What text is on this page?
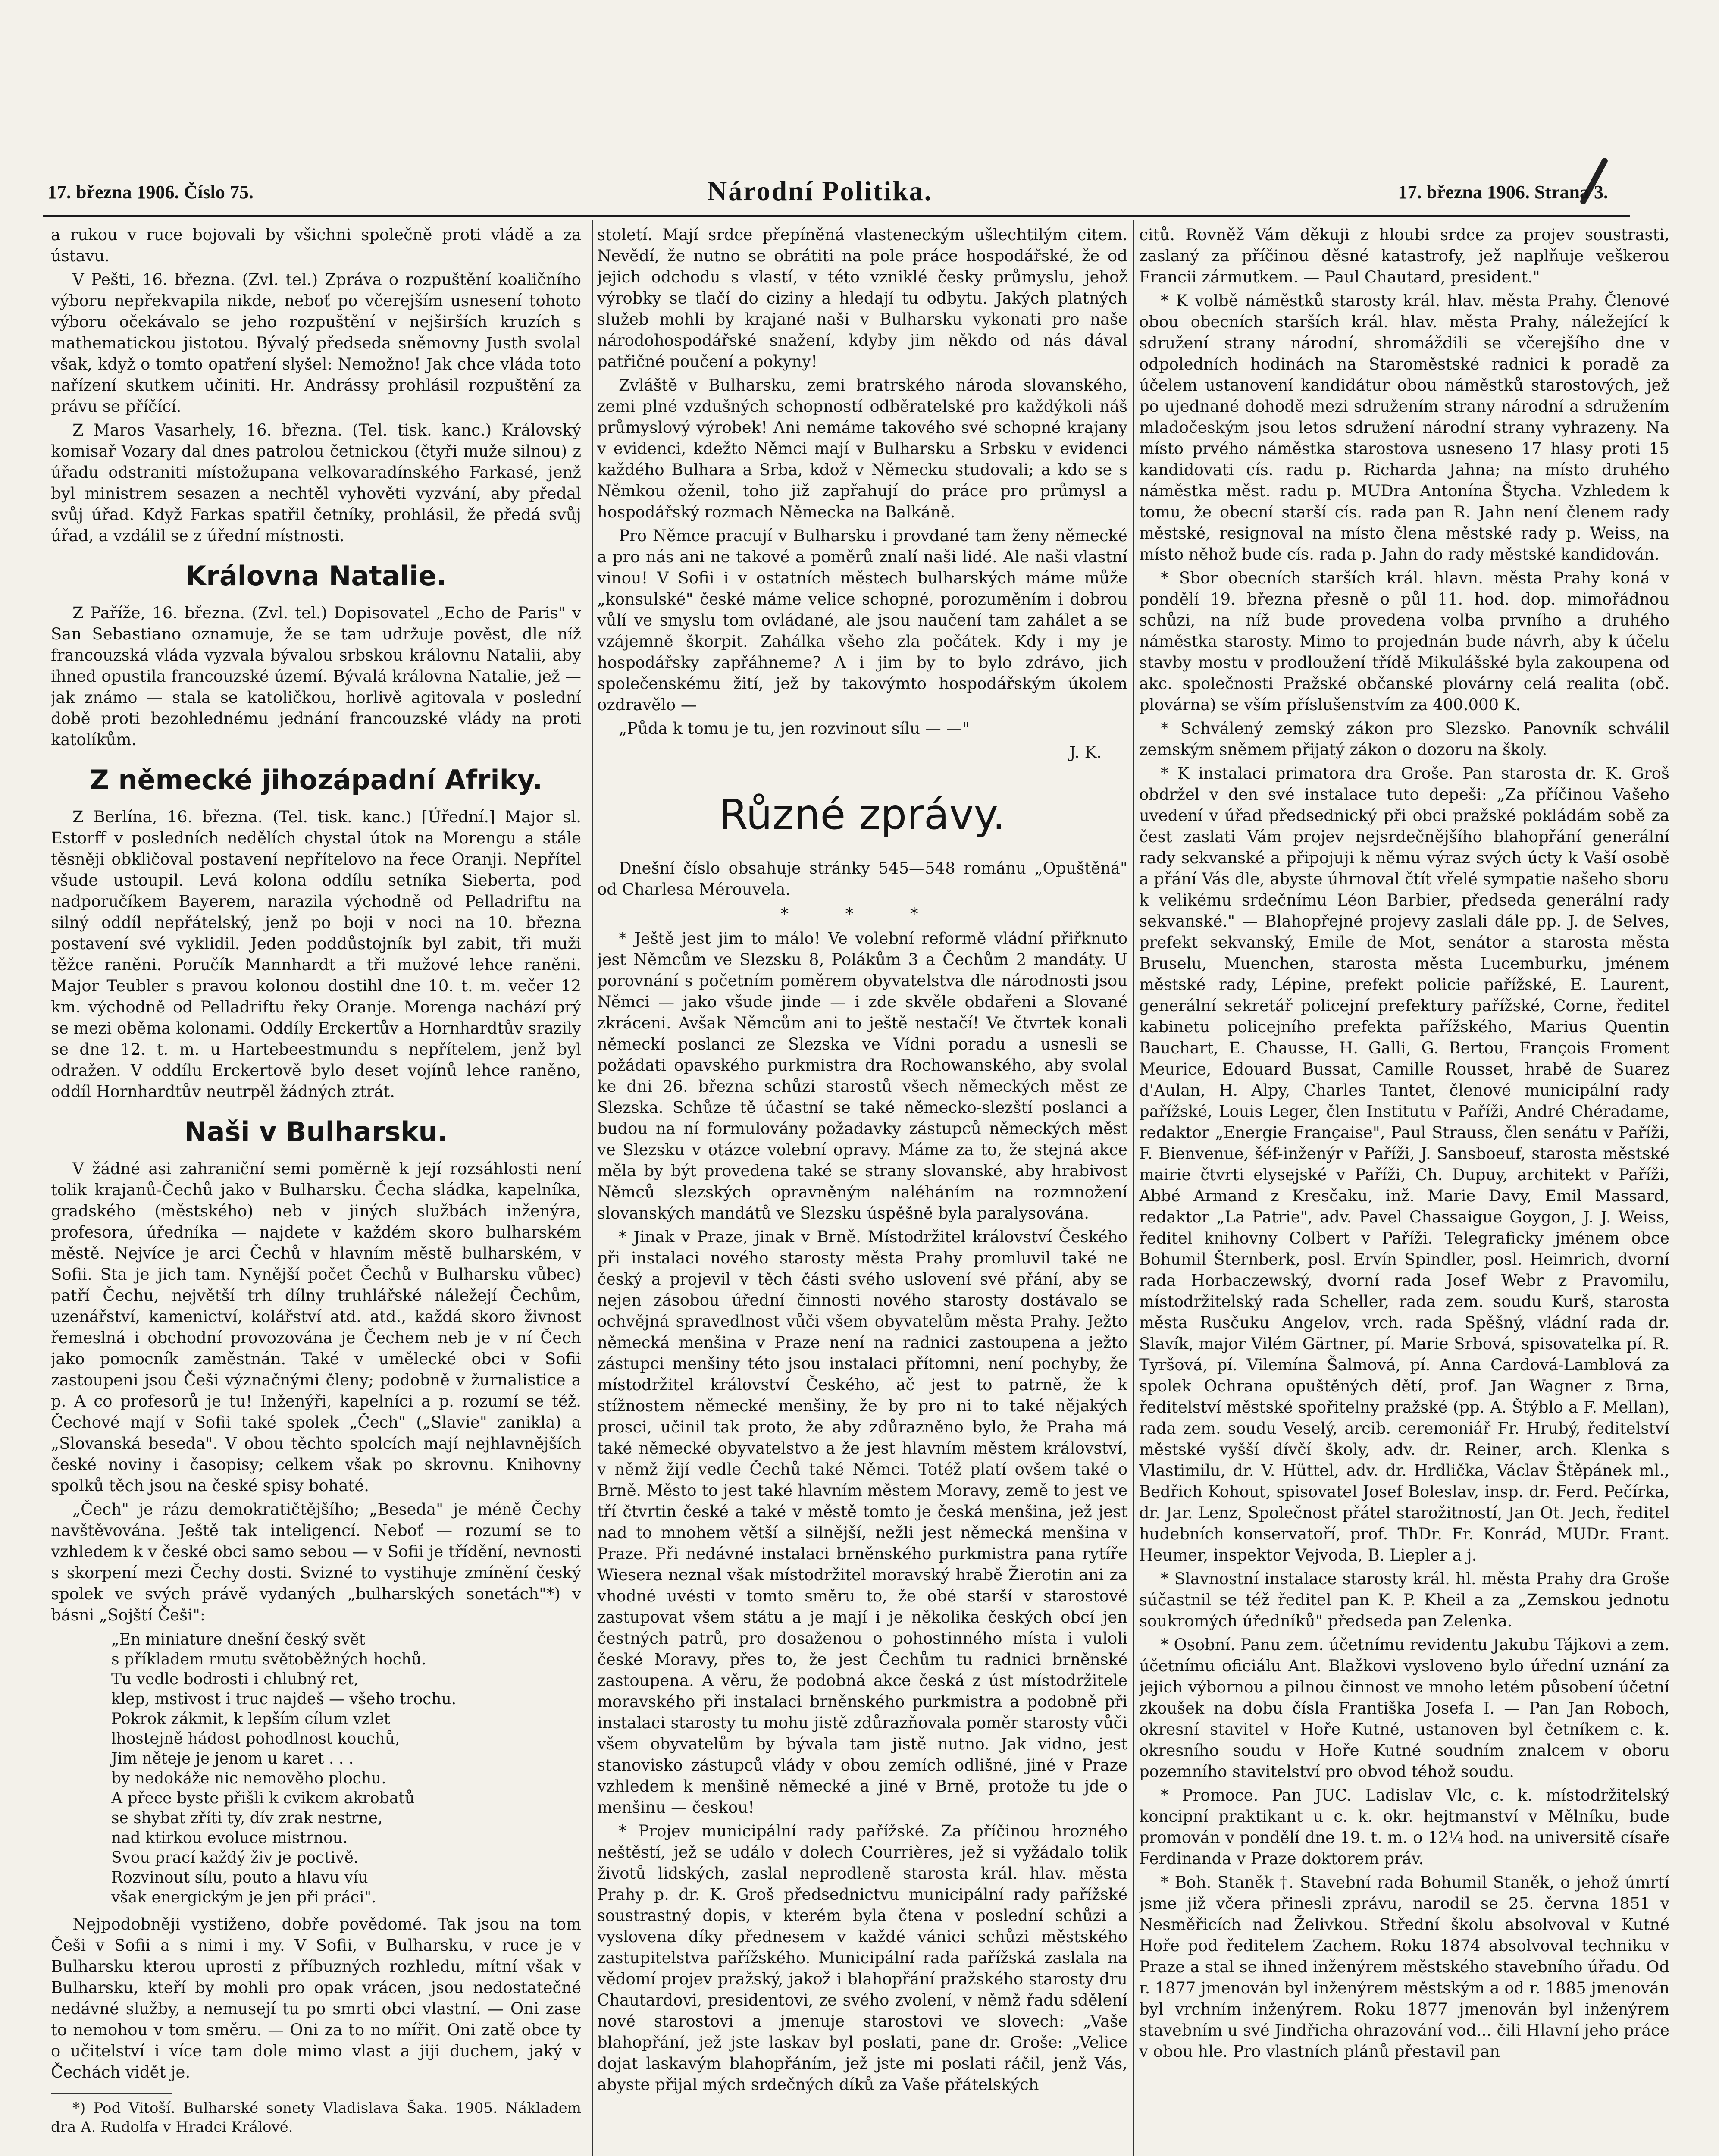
17. března 1906. Číslo 75.	Národní Politika.	17. března 1906. Strana 3.

a rukou v ruce bojovali by všichni společně proti vládě a za ústavu.

V Pešti, 16. března. (Zvl. tel.) Zpráva o rozpuštění koaličního výboru nepřekvapila nikde, neboť po včerejším usnesení tohoto výboru očekávalo se jeho rozpuštění v nejširších kruzích s mathematickou jistotou. Bývalý předseda sněmovny Justh svolal však, když o tomto opatření slyšel: Nemožno! Jak chce vláda toto nařízení skutkem učiniti. Hr. Andrássy prohlásil rozpuštění za právu se příčící.

Z Maros Vasarhely, 16. března. (Tel. tisk. kanc.) Královský komisař Vozary dal dnes patrolou četnickou (čtyři muže silnou) z úřadu odstraniti místožupana velkovaradínského Farkasé, jenž byl ministrem sesazen a nechtěl vyhověti vyzvání, aby předal svůj úřad. Když Farkas spatřil četníky, prohlásil, že předá svůj úřad, a vzdálil se z úřední místnosti.

Královna Natalie.

Z Paříže, 16. března. (Zvl. tel.) Dopisovatel „Echo de Paris" v San Sebastiano oznamuje, že se tam udržuje pověst, dle níž francouzská vláda vyzvala bývalou srbskou královnu Natalii, aby ihned opustila francouzské území. Bývalá královna Natalie, jež — jak známo — stala se katoličkou, horlivě agitovala v poslední době proti bezohlednému jednání francouzské vlády na proti katolíkům.

Z německé jihozápadní Afriky.

Z Berlína, 16. března. (Tel. tisk. kanc.) [Úřední.] Major sl. Estorff v posledních nedělích chystal útok na Morengu a stále těsněji obkličoval postavení nepřítelovo na řece Oranji. Nepřítel všude ustoupil. Levá kolona oddílu setníka Sieberta, pod nadporučíkem Bayerem, narazila východně od Pelladriftu na silný oddíl nepřátelský, jenž po boji v noci na 10. března postavení své vyklidil. Jeden poddůstojník byl zabit, tři muži těžce raněni. Poručík Mannhardt a tři mužové lehce raněni. Major Teubler s pravou kolonou dostihl dne 10. t. m. večer 12 km. východně od Pelladriftu řeky Oranje. Morenga nachází prý se mezi oběma kolonami. Oddíly Erckertův a Hornhardtův srazily se dne 12. t. m. u Hartebeestmundu s nepřítelem, jenž byl odražen. V oddílu Erckertově bylo deset vojínů lehce raněno, oddíl Hornhardtův neutrpěl žádných ztrát.

Naši v Bulharsku.

V žádné asi zahraniční semi poměrně k její rozsáhlosti není tolik krajanů-Čechů jako v Bulharsku. Čecha sládka, kapelníka, gradského (městského) neb v jiných službách inženýra, profesora, úředníka — najdete v každém skoro bulharském městě. Nejvíce je arci Čechů v hlavním městě bulharském, v Sofii. Sta je jich tam. Nynější počet Čechů v Bulharsku vůbec) patří Čechu, největší trh dílny truhlářské náležejí Čechům, uzenářství, kamenictví, kolářství atd. atd., každá skoro živnost řemeslná i obchodní provozována je Čechem neb je v ní Čech jako pomocník zaměstnán. Také v umělecké obci v Sofii zastoupeni jsou Češi význačnými členy; podobně v žurnalistice a p. A co profesorů je tu! Inženýři, kapelníci a p. rozumí se též. Čechové mají v Sofii také spolek „Čech" („Slavie" zanikla) a „Slovanská beseda". V obou těchto spolcích mají nejhlavnějších české noviny i časopisy; celkem však po skrovnu. Knihovny spolků těch jsou na české spisy bohaté.

„Čech" je rázu demokratičtějšího; „Beseda" je méně Čechy navštěvována. Ještě tak inteligencí. Neboť — rozumí se to vzhledem k v české obci samo sebou — v Sofii je třídění, nevnosti s skorpení mezi Čechy dosti. Svizné to vystihuje zmínění český spolek ve svých právě vydaných „bulharských sonetách"*) v básni „Sojští Češi":

„En miniature dnešní český svět
s příkladem rmutu světoběžných hochů.
Tu vedle bodrosti i chlubný ret,
klep, mstivost i truc najdeš — všeho trochu.
Pokrok zákmit, k lepším cílum vzlet
lhostejně hádost pohodlnost kouchů,
Jim něteje je jenom u karet . . .
by nedokáže nic nemověho plochu.
A přece byste přišli k cvikem akrobatů
se shybat zříti ty, dív zrak nestrne,
nad ktirkou evoluce mistrnou.
Svou prací každý živ je poctivě.
Rozvinout sílu, pouto a hlavu víu
však energickým je jen při práci".

Nejpodobněji vystiženo, dobře povědomé. Tak jsou na tom Češi v Sofii a s nimi i my. V Sofii, v Bulharsku, v ruce je v Bulharsku kterou uprosti z příbuzných rozhledu, mítní však v Bulharsku, kteří by mohli pro opak vrácen, jsou nedostatečné nedávné služby, a nemusejí tu po smrti obci vlastní. — Oni zase to nemohou v tom směru. — Oni za to no mířit. Oni zatě obce ty o učitelství i více tam dole mimo vlast a jiji duchem, jaký v Čechách vidět je.

*) Pod Vitoší. Bulharské sonety Vladislava Šaka. 1905. Nákladem dra A. Rudolfa v Hradci Králové.

století. Mají srdce přepíněná vlasteneckým ušlechtilým citem. Nevědí, že nutno se obrátiti na pole práce hospodářské, že od jejich odchodu s vlastí, v této vzniklé česky průmyslu, jehož výrobky se tlačí do ciziny a hledají tu odbytu. Jakých platných služeb mohli by krajané naši v Bulharsku vykonati pro naše národohospodářské snažení, kdyby jim někdo od nás dával patřičné poučení a pokyny!

Zvláště v Bulharsku, zemi bratrského národa slovanského, zemi plné vzdušných schopností odběratelské pro každýkoli náš průmyslový výrobek! Ani nemáme takového své schopné krajany v evidenci, kdežto Němci mají v Bulharsku a Srbsku v evidenci každého Bulhara a Srba, kdož v Německu studovali; a kdo se s Němkou oženil, toho již zapřahují do práce pro průmysl a hospodářský rozmach Německa na Balkáně.

Pro Němce pracují v Bulharsku i provdané tam ženy německé a pro nás ani ne takové a poměrů znalí naši lidé. Ale naši vlastní vinou! V Sofii i v ostatních městech bulharských máme může „konsulské" české máme velice schopné, porozuměním i dobrou vůlí ve smyslu tom ovládané, ale jsou naučení tam zahálet a se vzájemně škorpit. Zahálka všeho zla počátek. Kdy i my je hospodářsky zapřáhneme? A i jim by to bylo zdrávo, jich společenskému žití, jež by takovýmto hospodářským úkolem ozdravělo —

„Půda k tomu je tu, jen rozvinout sílu — —"

J. K.
Různé zprávy.

Dnešní číslo obsahuje stránky 545—548 románu „Opuštěná" od Charlesa Mérouvela.

* * *

* Ještě jest jim to málo! Ve volební reformě vládní přiřknuto jest Němcům ve Slezsku 8, Polákům 3 a Čechům 2 mandáty. U porovnání s početním poměrem obyvatelstva dle národnosti jsou Němci — jako všude jinde — i zde skvěle obdařeni a Slované zkráceni. Avšak Němcům ani to ještě nestačí! Ve čtvrtek konali německí poslanci ze Slezska ve Vídni poradu a usnesli se požádati opavského purkmistra dra Rochowanského, aby svolal ke dni 26. března schůzi starostů všech německých měst ze Slezska. Schůze tě účastní se také německo-slezští poslanci a budou na ní formulovány požadavky zástupců německých měst ve Slezsku v otázce volební opravy. Máme za to, že stejná akce měla by být provedena také se strany slovanské, aby hrabivost Němců slezských opravněným naléháním na rozmnožení slovanských mandátů ve Slezsku úspěšně byla paralysována.

* Jinak v Praze, jinak v Brně. Místodržitel království Českého při instalaci nového starosty města Prahy promluvil také ne český a projevil v těch části svého uslovení své přání, aby se nejen zásobou úřední činnosti nového starosty dostávalo se ochvějná spravedlnost vůči všem obyvatelům města Prahy. Ježto německá menšina v Praze není na radnici zastoupena a ježto zástupci menšiny této jsou instalaci přítomni, není pochyby, že místodržitel království Českého, ač jest to patrně, že k stížnostem německé menšiny, že by pro ni to také nějakých prosci, učinil tak proto, že aby zdůrazněno bylo, že Praha má také německé obyvatelstvo a že jest hlavním městem království, v němž žijí vedle Čechů také Němci. Totéž platí ovšem také o Brně. Město to jest také hlavním městem Moravy, země to jest ve tří čtvrtin české a také v městě tomto je česká menšina, jež jest nad to mnohem větší a silnější, nežli jest německá menšina v Praze. Při nedávné instalaci brněnského purkmistra pana rytíře Wiesera neznal však místodržitel moravský hrabě Žierotin ani za vhodné uvésti v tomto směru to, že obé starší v starostové zastupovat všem státu a je mají i je několika českých obcí jen čestných patrů, pro dosaženou o pohostinného místa i vuloli české Moravy, přes to, že jest Čechům tu radnici brněnské zastoupena. A věru, že podobná akce česká z úst místodržitele moravského při instalaci brněnského purkmistra a podobně při instalaci starosty tu mohu jistě zdůrazňovala poměr starosty vůči všem obyvatelům by bývala tam jistě nutno. Jak vidno, jest stanovisko zástupců vlády v obou zemích odlišné, jiné v Praze vzhledem k menšině německé a jiné v Brně, protože tu jde o menšinu — českou!

* Projev municipální rady pařížské. Za příčinou hrozného neštěstí, jež se událo v dolech Courrières, jež si vyžádalo tolik životů lidských, zaslal neprodleně starosta král. hlav. města Prahy p. dr. K. Groš předsednictvu municipální rady pařížské soustrastný dopis, v kterém byla čtena v poslední schůzi a vyslovena díky přednesem v každé vánici schůzi městského zastupitelstva pařížského. Municipální rada pařížská zaslala na vědomí projev pražský, jakož i blahopřání pražského starosty dru Chautardovi, presidentovi, ze svého zvolení, v němž řadu sdělení nové starostovi a jmenuje starostovi ve slovech: „Vaše blahopřání, jež jste laskav byl poslati, pane dr. Groše: „Velice dojat laskavým blahopřáním, jež jste mi poslati ráčil, jenž Vás, abyste přijal mých srdečných díků za Vaše přátelských

citů. Rovněž Vám děkuji z hloubi srdce za projev soustrasti, zaslaný za příčinou děsné katastrofy, jež naplňuje veškerou Francii zármutkem. — Paul Chautard, president."

* K volbě náměstků starosty král. hlav. města Prahy. Členové obou obecních starších král. hlav. města Prahy, náležející k sdružení strany národní, shromáždili se včerejšího dne v odpoledních hodinách na Staroměstské radnici k poradě za účelem ustanovení kandidátur obou náměstků starostových, jež po ujednané dohodě mezi sdružením strany národní a sdružením mladočeským jsou letos sdružení národní strany vyhrazeny. Na místo prvého náměstka starostova usneseno 17 hlasy proti 15 kandidovati cís. radu p. Richarda Jahna; na místo druhého náměstka měst. radu p. MUDra Antonína Štycha. Vzhledem k tomu, že obecní starší cís. rada pan R. Jahn není členem rady městské, resignoval na místo člena městské rady p. Weiss, na místo něhož bude cís. rada p. Jahn do rady městské kandidován.

* Sbor obecních starších král. hlavn. města Prahy koná v pondělí 19. března přesně o půl 11. hod. dop. mimořádnou schůzi, na níž bude provedena volba prvního a druhého náměstka starosty. Mimo to projednán bude návrh, aby k účelu stavby mostu v prodloužení třídě Mikulášské byla zakoupena od akc. společnosti Pražské občanské plovárny celá realita (obč. plovárna) se vším příslušenstvím za 400.000 K.

* Schválený zemský zákon pro Slezsko. Panovník schválil zemským sněmem přijatý zákon o dozoru na školy.

* K instalaci primatora dra Groše. Pan starosta dr. K. Groš obdržel v den své instalace tuto depeši: „Za příčinou Vašeho uvedení v úřad předsednický při obci pražské pokládám sobě za čest zaslati Vám projev nejsrdečnějšího blahopřání generální rady sekvanské a připojuji k němu výraz svých úcty k Vaší osobě a přání Vás dle, abyste úhrnoval čtít vřelé sympatie našeho sboru k velikému srdečnímu Léon Barbier, předseda generální rady sekvanské." — Blahopřejné projevy zaslali dále pp. J. de Selves, prefekt sekvanský, Emile de Mot, senátor a starosta města Bruselu, Muenchen, starosta města Lucemburku, jménem městské rady, Lépine, prefekt policie pařížské, E. Laurent, generální sekretář policejní prefektury pařížské, Corne, ředitel kabinetu policejního prefekta pařížského, Marius Quentin Bauchart, E. Chausse, H. Galli, G. Bertou, François Froment Meurice, Edouard Bussat, Camille Rousset, hrabě de Suarez d'Aulan, H. Alpy, Charles Tantet, členové municipální rady pařížské, Louis Leger, člen Institutu v Paříži, André Chéradame, redaktor „Energie Française", Paul Strauss, člen senátu v Paříži, F. Bienvenue, šéf-inženýr v Paříži, J. Sansboeuf, starosta městské mairie čtvrti elysejské v Paříži, Ch. Dupuy, architekt v Paříži, Abbé Armand z Kresčaku, inž. Marie Davy, Emil Massard, redaktor „La Patrie", adv. Pavel Chassaigue Goygon, J. J. Weiss, ředitel knihovny Colbert v Paříži. Telegraficky jménem obce Bohumil Šternberk, posl. Ervín Spindler, posl. Heimrich, dvorní rada Horbaczewský, dvorní rada Josef Webr z Pravomilu, místodržitelský rada Scheller, rada zem. soudu Kurš, starosta města Rusčuku Angelov, vrch. rada Spěšný, vládní rada dr. Slavík, major Vilém Gärtner, pí. Marie Srbová, spisovatelka pí. R. Tyršová, pí. Vilemína Šalmová, pí. Anna Cardová-Lamblová za spolek Ochrana opuštěných dětí, prof. Jan Wagner z Brna, ředitelství městské spořitelny pražské (pp. A. Štýblo a F. Mellan), rada zem. soudu Veselý, arcib. ceremoniář Fr. Hrubý, ředitelství městské vyšší dívčí školy, adv. dr. Reiner, arch. Klenka s Vlastimilu, dr. V. Hüttel, adv. dr. Hrdlička, Václav Štěpánek ml., Bedřich Kohout, spisovatel Josef Boleslav, insp. dr. Ferd. Pečírka, dr. Jar. Lenz, Společnost přátel starožitností, Jan Ot. Jech, ředitel hudebních konservatoří, prof. ThDr. Fr. Konrád, MUDr. Frant. Heumer, inspektor Vejvoda, B. Liepler a j.

* Slavnostní instalace starosty král. hl. města Prahy dra Groše súčastnil se též ředitel pan K. P. Kheil a za „Zemskou jednotu soukromých úředníků" předseda pan Zelenka.

* Osobní. Panu zem. účetnímu revidentu Jakubu Tájkovi a zem. účetnímu oficiálu Ant. Blažkovi vysloveno bylo úřední uznání za jejich výbornou a pilnou činnost ve mnoho letém působení účetní zkoušek na dobu čísla Františka Josefa I. — Pan Jan Roboch, okresní stavitel v Hoře Kutné, ustanoven byl četníkem c. k. okresního soudu v Hoře Kutné soudním znalcem v oboru pozemního stavitelství pro obvod téhož soudu.

* Promoce. Pan JUC. Ladislav Vlc, c. k. místodržitelský koncipní praktikant u c. k. okr. hejtmanství v Mělníku, bude promován v pondělí dne 19. t. m. o 12¼ hod. na universitě císaře Ferdinanda v Praze doktorem práv.

* Boh. Staněk †. Stavební rada Bohumil Staněk, o jehož úmrtí jsme již včera přinesli zprávu, narodil se 25. června 1851 v Nesměřicích nad Želivkou. Střední školu absolvoval v Kutné Hoře pod ředitelem Zachem. Roku 1874 absolvoval techniku v Praze a stal se ihned inženýrem městského stavebního úřadu. Od r. 1877 jmenován byl inženýrem městským a od r. 1885 jmenován byl vrchním inženýrem. Roku 1877 jmenován byl inženýrem stavebním u své Jindřicha ohrazování vod... čili Hlavní jeho práce v obou hle. Pro vlastních plánů přestavil pan
